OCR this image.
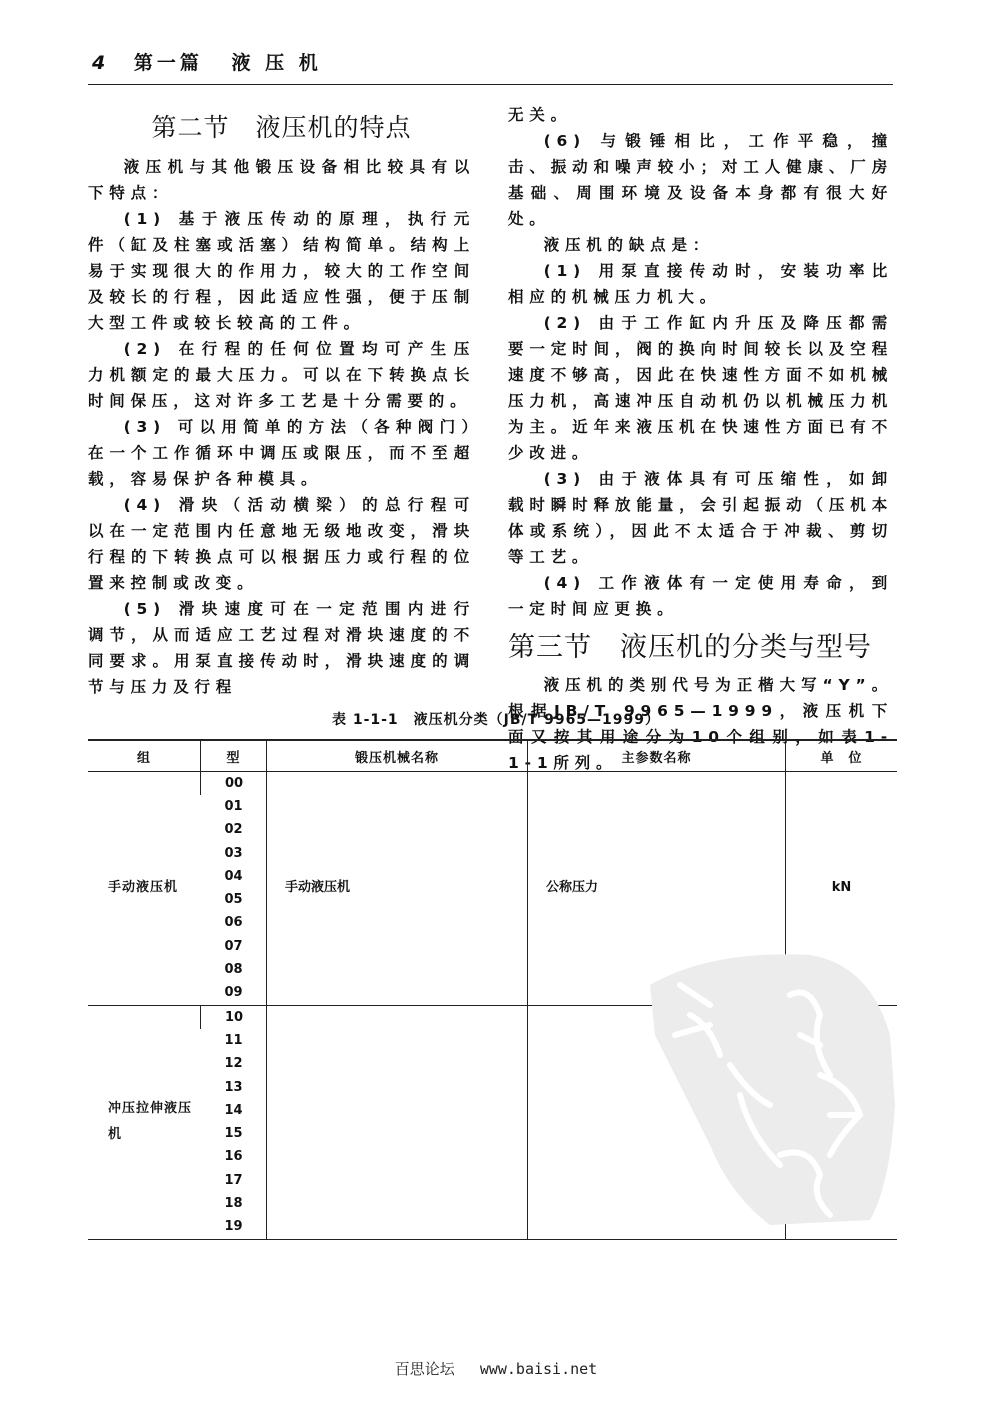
4 第一篇 液 压 机
第二节　液压机的特点

液压机与其他锻压设备相比较具有以下特点：

(1) 基于液压传动的原理，执行元件（缸及柱塞或活塞）结构简单。结构上易于实现很大的作用力，较大的工作空间及较长的行程，因此适应性强，便于压制大型工件或较长较高的工件。

(2) 在行程的任何位置均可产生压力机额定的最大压力。可以在下转换点长时间保压，这对许多工艺是十分需要的。

(3) 可以用简单的方法（各种阀门）在一个工作循环中调压或限压，而不至超载，容易保护各种模具。

(4) 滑块（活动横梁）的总行程可以在一定范围内任意地无级地改变，滑块行程的下转换点可以根据压力或行程的位置来控制或改变。

(5) 滑块速度可在一定范围内进行调节，从而适应工艺过程对滑块速度的不同要求。用泵直接传动时，滑块速度的调节与压力及行程

无关。

(6) 与锻锤相比，工作平稳，撞击、振动和噪声较小；对工人健康、厂房基础、周围环境及设备本身都有很大好处。

液压机的缺点是：

(1) 用泵直接传动时，安装功率比相应的机械压力机大。

(2) 由于工作缸内升压及降压都需要一定时间，阀的换向时间较长以及空程速度不够高，因此在快速性方面不如机械压力机，高速冲压自动机仍以机械压力机为主。近年来液压机在快速性方面已有不少改进。

(3) 由于液体具有可压缩性，如卸载时瞬时释放能量，会引起振动（压机本体或系统），因此不太适合于冲裁、剪切等工艺。

(4) 工作液体有一定使用寿命，到一定时间应更换。

第三节　液压机的分类与型号

液压机的类别代号为正楷大写“Y”。根据JB/T 9965—1999，液压机下面又按其用途分为10个组别，如表1-1-1所列。

表 1-1-1　液压机分类（JB/T 9965—1999）
组	型	锻压机械名称	主参数名称	单　位
手动液压机	00	手动液压机	公称压力	kN
	01			
	02			
	03			
	04			
	05			
	06			
	07			
	08			
	09			
冲压拉伸液压机	10			
	11			
	12			
	13			
	14			
	15			
	16			
	17			
	18			
	19			
百思论坛 www.baisi.net
